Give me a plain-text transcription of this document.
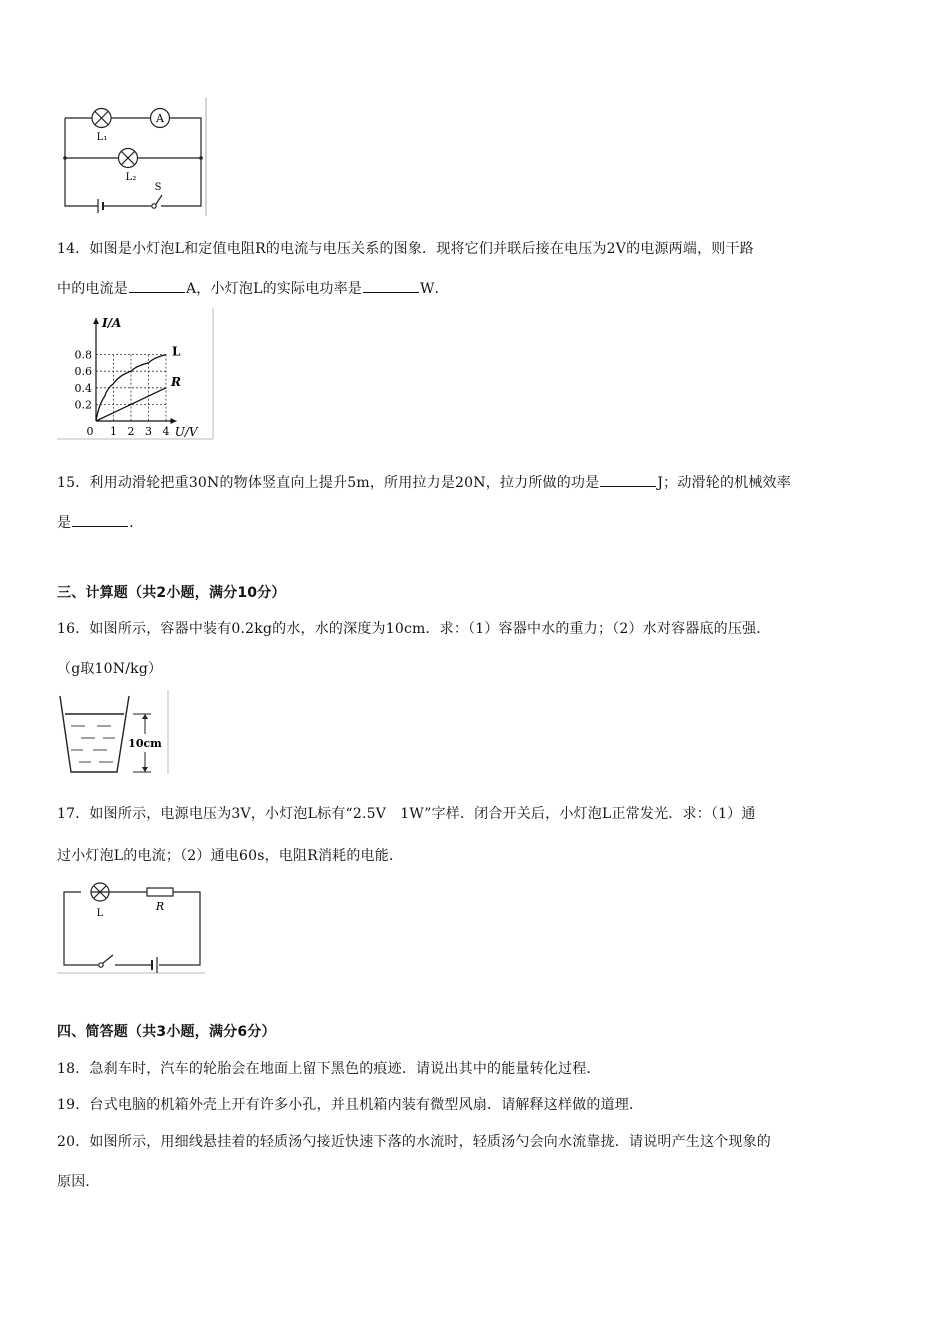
A
L₁
L₂
S
14．如图是小灯泡L和定值电阻R的电流与电压关系的图象．现将它们并联后接在电压为2V的电源两端，则干路
中的电流是	A，小灯泡L的实际电功率是	W．
0.8
0.6
0.4
0.2
0 1 2 3 4
I/A
U/V
L
R
15．利用动滑轮把重30N的物体竖直向上提升5m，所用拉力是20N，拉力所做的功是	J；动滑轮的机械效率
是	．
三、计算题（共2小题，满分10分）
16．如图所示，容器中装有0.2kg的水，水的深度为10cm．求：（1）容器中水的重力；（2）水对容器底的压强．
（g取10N/kg）
10cm
17．如图所示，电源电压为3V，小灯泡L标有“2.5V　1W”字样．闭合开关后，小灯泡L正常发光．求：（1）通
过小灯泡L的电流；（2）通电60s，电阻R消耗的电能．
L
R
四、简答题（共3小题，满分6分）
18．急刹车时，汽车的轮胎会在地面上留下黑色的痕迹．请说出其中的能量转化过程．
19．台式电脑的机箱外壳上开有许多小孔，并且机箱内装有微型风扇．请解释这样做的道理．
20．如图所示，用细线悬挂着的轻质汤勺接近快速下落的水流时，轻质汤勺会向水流靠拢．请说明产生这个现象的
原因．
